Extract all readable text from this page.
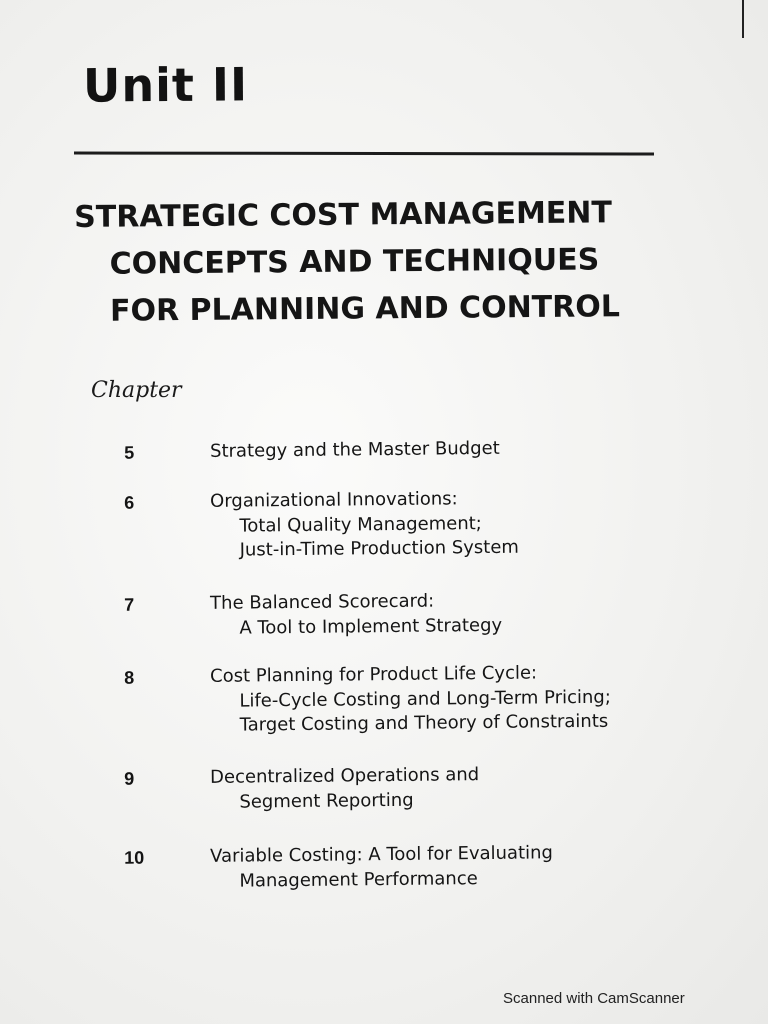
Unit II
STRATEGIC COST MANAGEMENT
CONCEPTS AND TECHNIQUES
FOR PLANNING AND CONTROL
Chapter
5	Strategy and the Master Budget
6	Organizational Innovations:
Total Quality Management;
Just-in-Time Production System
7	The Balanced Scorecard:
A Tool to Implement Strategy
8	Cost Planning for Product Life Cycle:
Life-Cycle Costing and Long-Term Pricing;
Target Costing and Theory of Constraints
9	Decentralized Operations and
Segment Reporting
10	Variable Costing: A Tool for Evaluating
Management Performance
Scanned with CamScanner
